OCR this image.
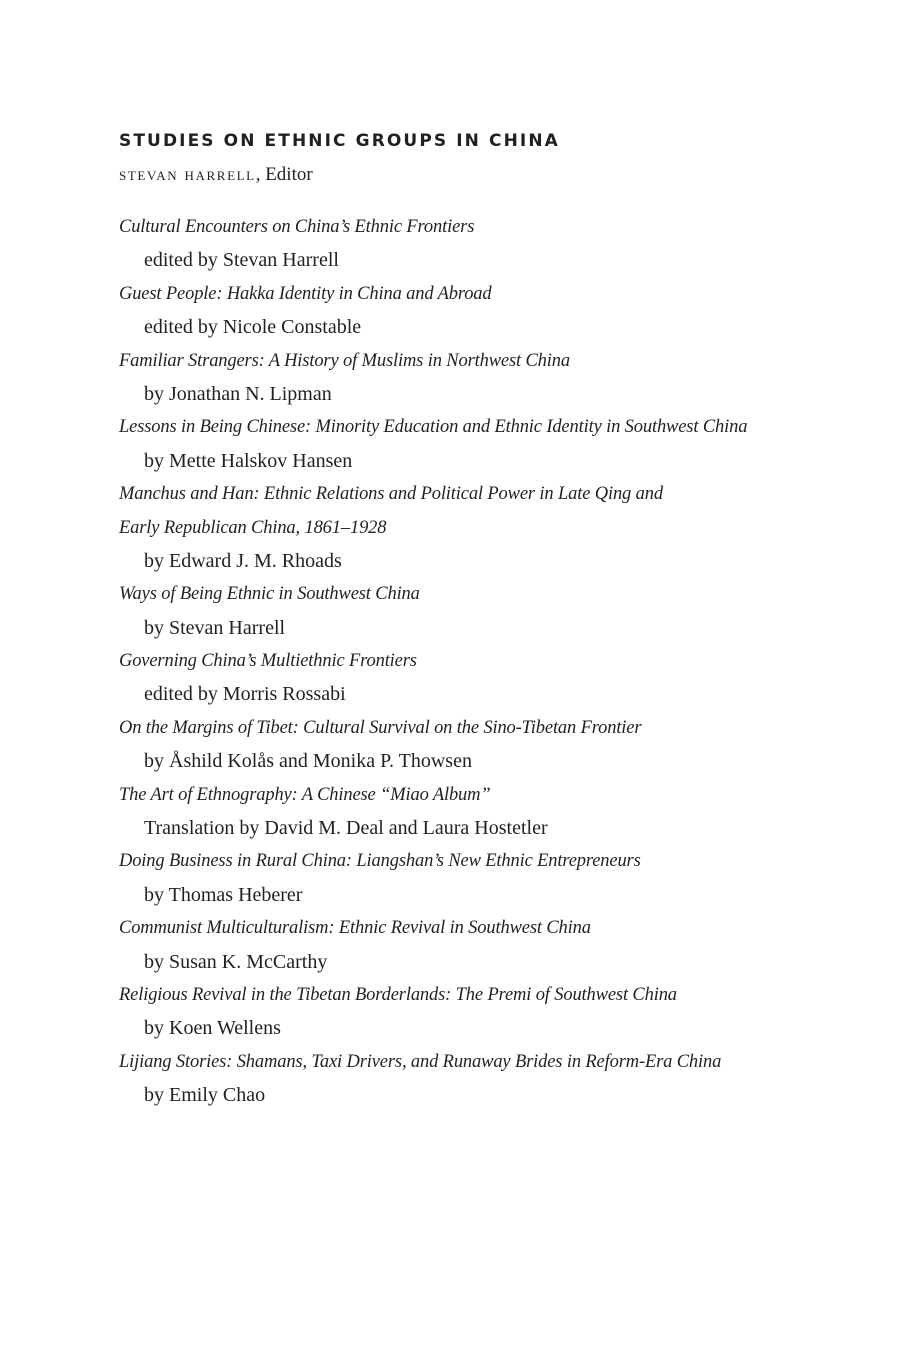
STUDIES ON ETHNIC GROUPS IN CHINA

stevan harrell, Editor

Cultural Encounters on China’s Ethnic Frontiers
edited by Stevan Harrell
Guest People: Hakka Identity in China and Abroad
edited by Nicole Constable
Familiar Strangers: A History of Muslims in Northwest China
by Jonathan N. Lipman
Lessons in Being Chinese: Minority Education and Ethnic Identity in Southwest China
by Mette Halskov Hansen
Manchus and Han: Ethnic Relations and Political Power in Late Qing and
Early Republican China, 1861–1928
by Edward J. M. Rhoads
Ways of Being Ethnic in Southwest China
by Stevan Harrell
Governing China’s Multiethnic Frontiers
edited by Morris Rossabi
On the Margins of Tibet: Cultural Survival on the Sino-Tibetan Frontier
by Åshild Kolås and Monika P. Thowsen
The Art of Ethnography: A Chinese “Miao Album”
Translation by David M. Deal and Laura Hostetler
Doing Business in Rural China: Liangshan’s New Ethnic Entrepreneurs
by Thomas Heberer
Communist Multiculturalism: Ethnic Revival in Southwest China
by Susan K. McCarthy
Religious Revival in the Tibetan Borderlands: The Premi of Southwest China
by Koen Wellens
Lijiang Stories: Shamans, Taxi Drivers, and Runaway Brides in Reform-Era China
by Emily Chao
